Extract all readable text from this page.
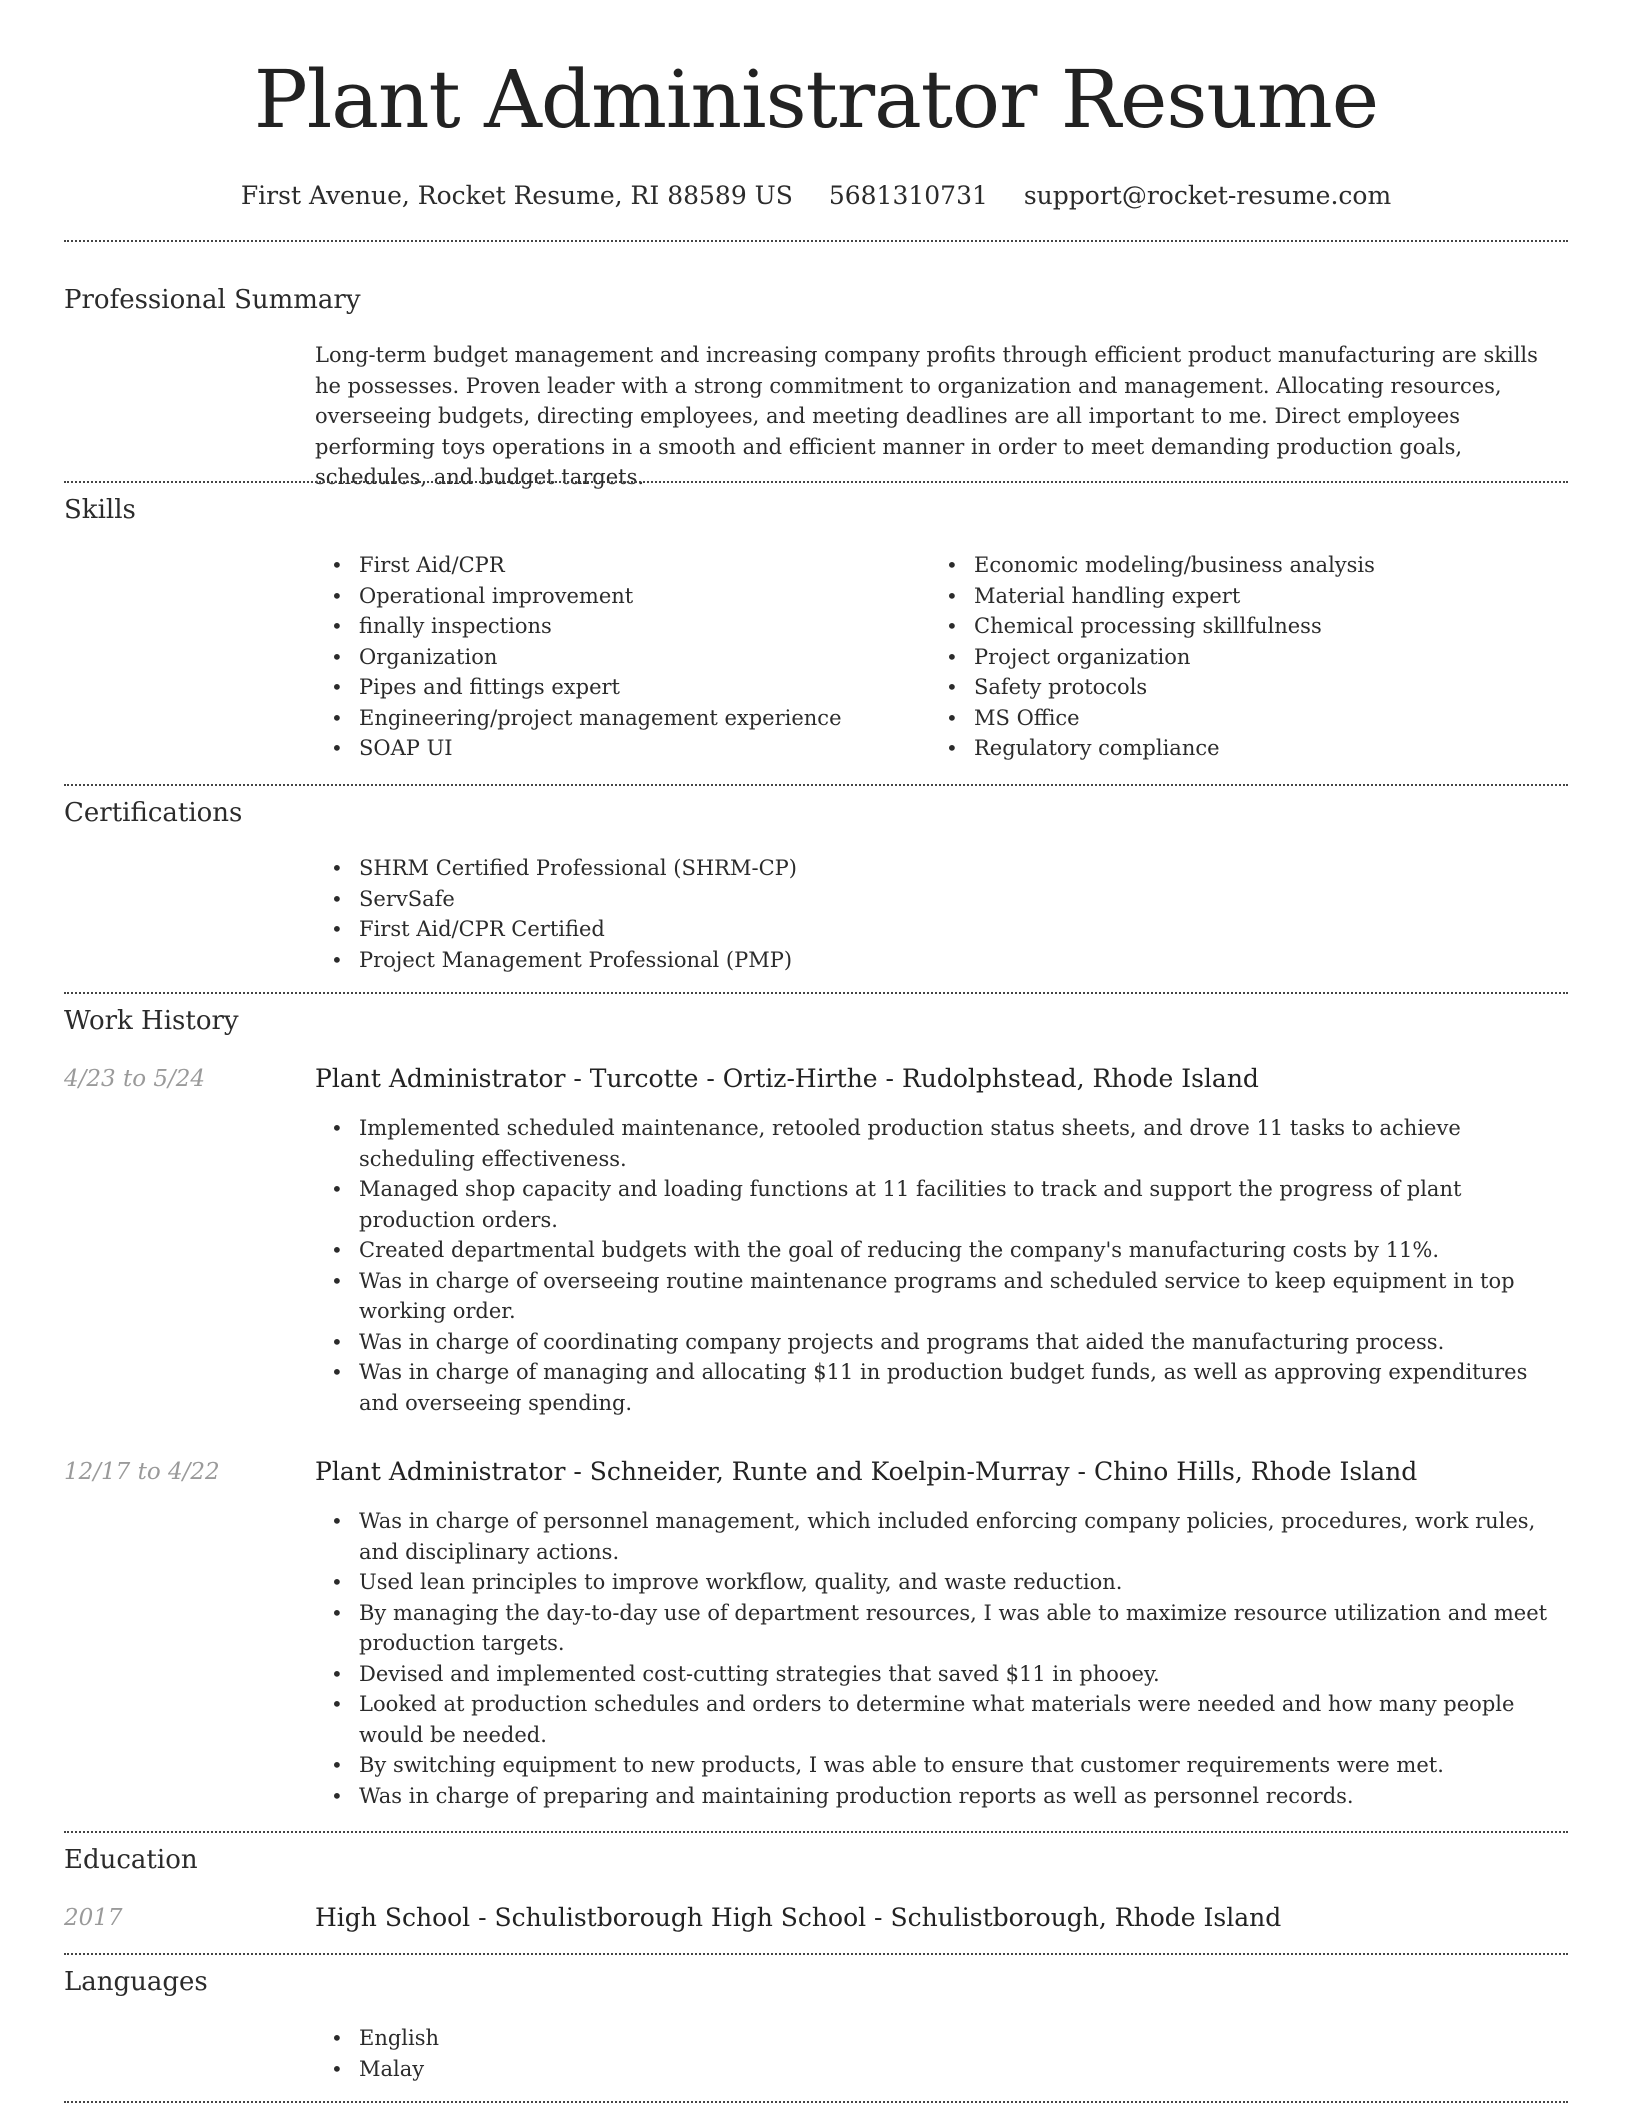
Plant Administrator Resume
First Avenue, Rocket Resume, RI 88589 US 5681310731 support@rocket-resume.com
Professional Summary
Long-term budget management and increasing company profits through efficient product manufacturing are skills he possesses. Proven leader with a strong commitment to organization and management. Allocating resources, overseeing budgets, directing employees, and meeting deadlines are all important to me. Direct employees performing toys operations in a smooth and efficient manner in order to meet demanding production goals, schedules, and budget targets.
Skills
• First Aid/CPR
• Operational improvement
• finally inspections
• Organization
• Pipes and fittings expert
• Engineering/project management experience
• SOAP UI
• Economic modeling/business analysis
• Material handling expert
• Chemical processing skillfulness
• Project organization
• Safety protocols
• MS Office
• Regulatory compliance
Certifications
• SHRM Certified Professional (SHRM-CP)
• ServSafe
• First Aid/CPR Certified
• Project Management Professional (PMP)
Work History
4/23 to 5/24	Plant Administrator - Turcotte - Ortiz-Hirthe - Rudolphstead, Rhode Island
• Implemented scheduled maintenance, retooled production status sheets, and drove 11 tasks to achieve scheduling effectiveness.
• Managed shop capacity and loading functions at 11 facilities to track and support the progress of plant production orders.
• Created departmental budgets with the goal of reducing the company's manufacturing costs by 11%.
• Was in charge of overseeing routine maintenance programs and scheduled service to keep equipment in top working order.
• Was in charge of coordinating company projects and programs that aided the manufacturing process.
• Was in charge of managing and allocating $11 in production budget funds, as well as approving expenditures and overseeing spending.
12/17 to 4/22	Plant Administrator - Schneider, Runte and Koelpin-Murray - Chino Hills, Rhode Island
• Was in charge of personnel management, which included enforcing company policies, procedures, work rules, and disciplinary actions.
• Used lean principles to improve workflow, quality, and waste reduction.
• By managing the day-to-day use of department resources, I was able to maximize resource utilization and meet production targets.
• Devised and implemented cost-cutting strategies that saved $11 in phooey.
• Looked at production schedules and orders to determine what materials were needed and how many people would be needed.
• By switching equipment to new products, I was able to ensure that customer requirements were met.
• Was in charge of preparing and maintaining production reports as well as personnel records.
Education
2017	High School - Schulistborough High School - Schulistborough, Rhode Island
Languages
• English
• Malay
